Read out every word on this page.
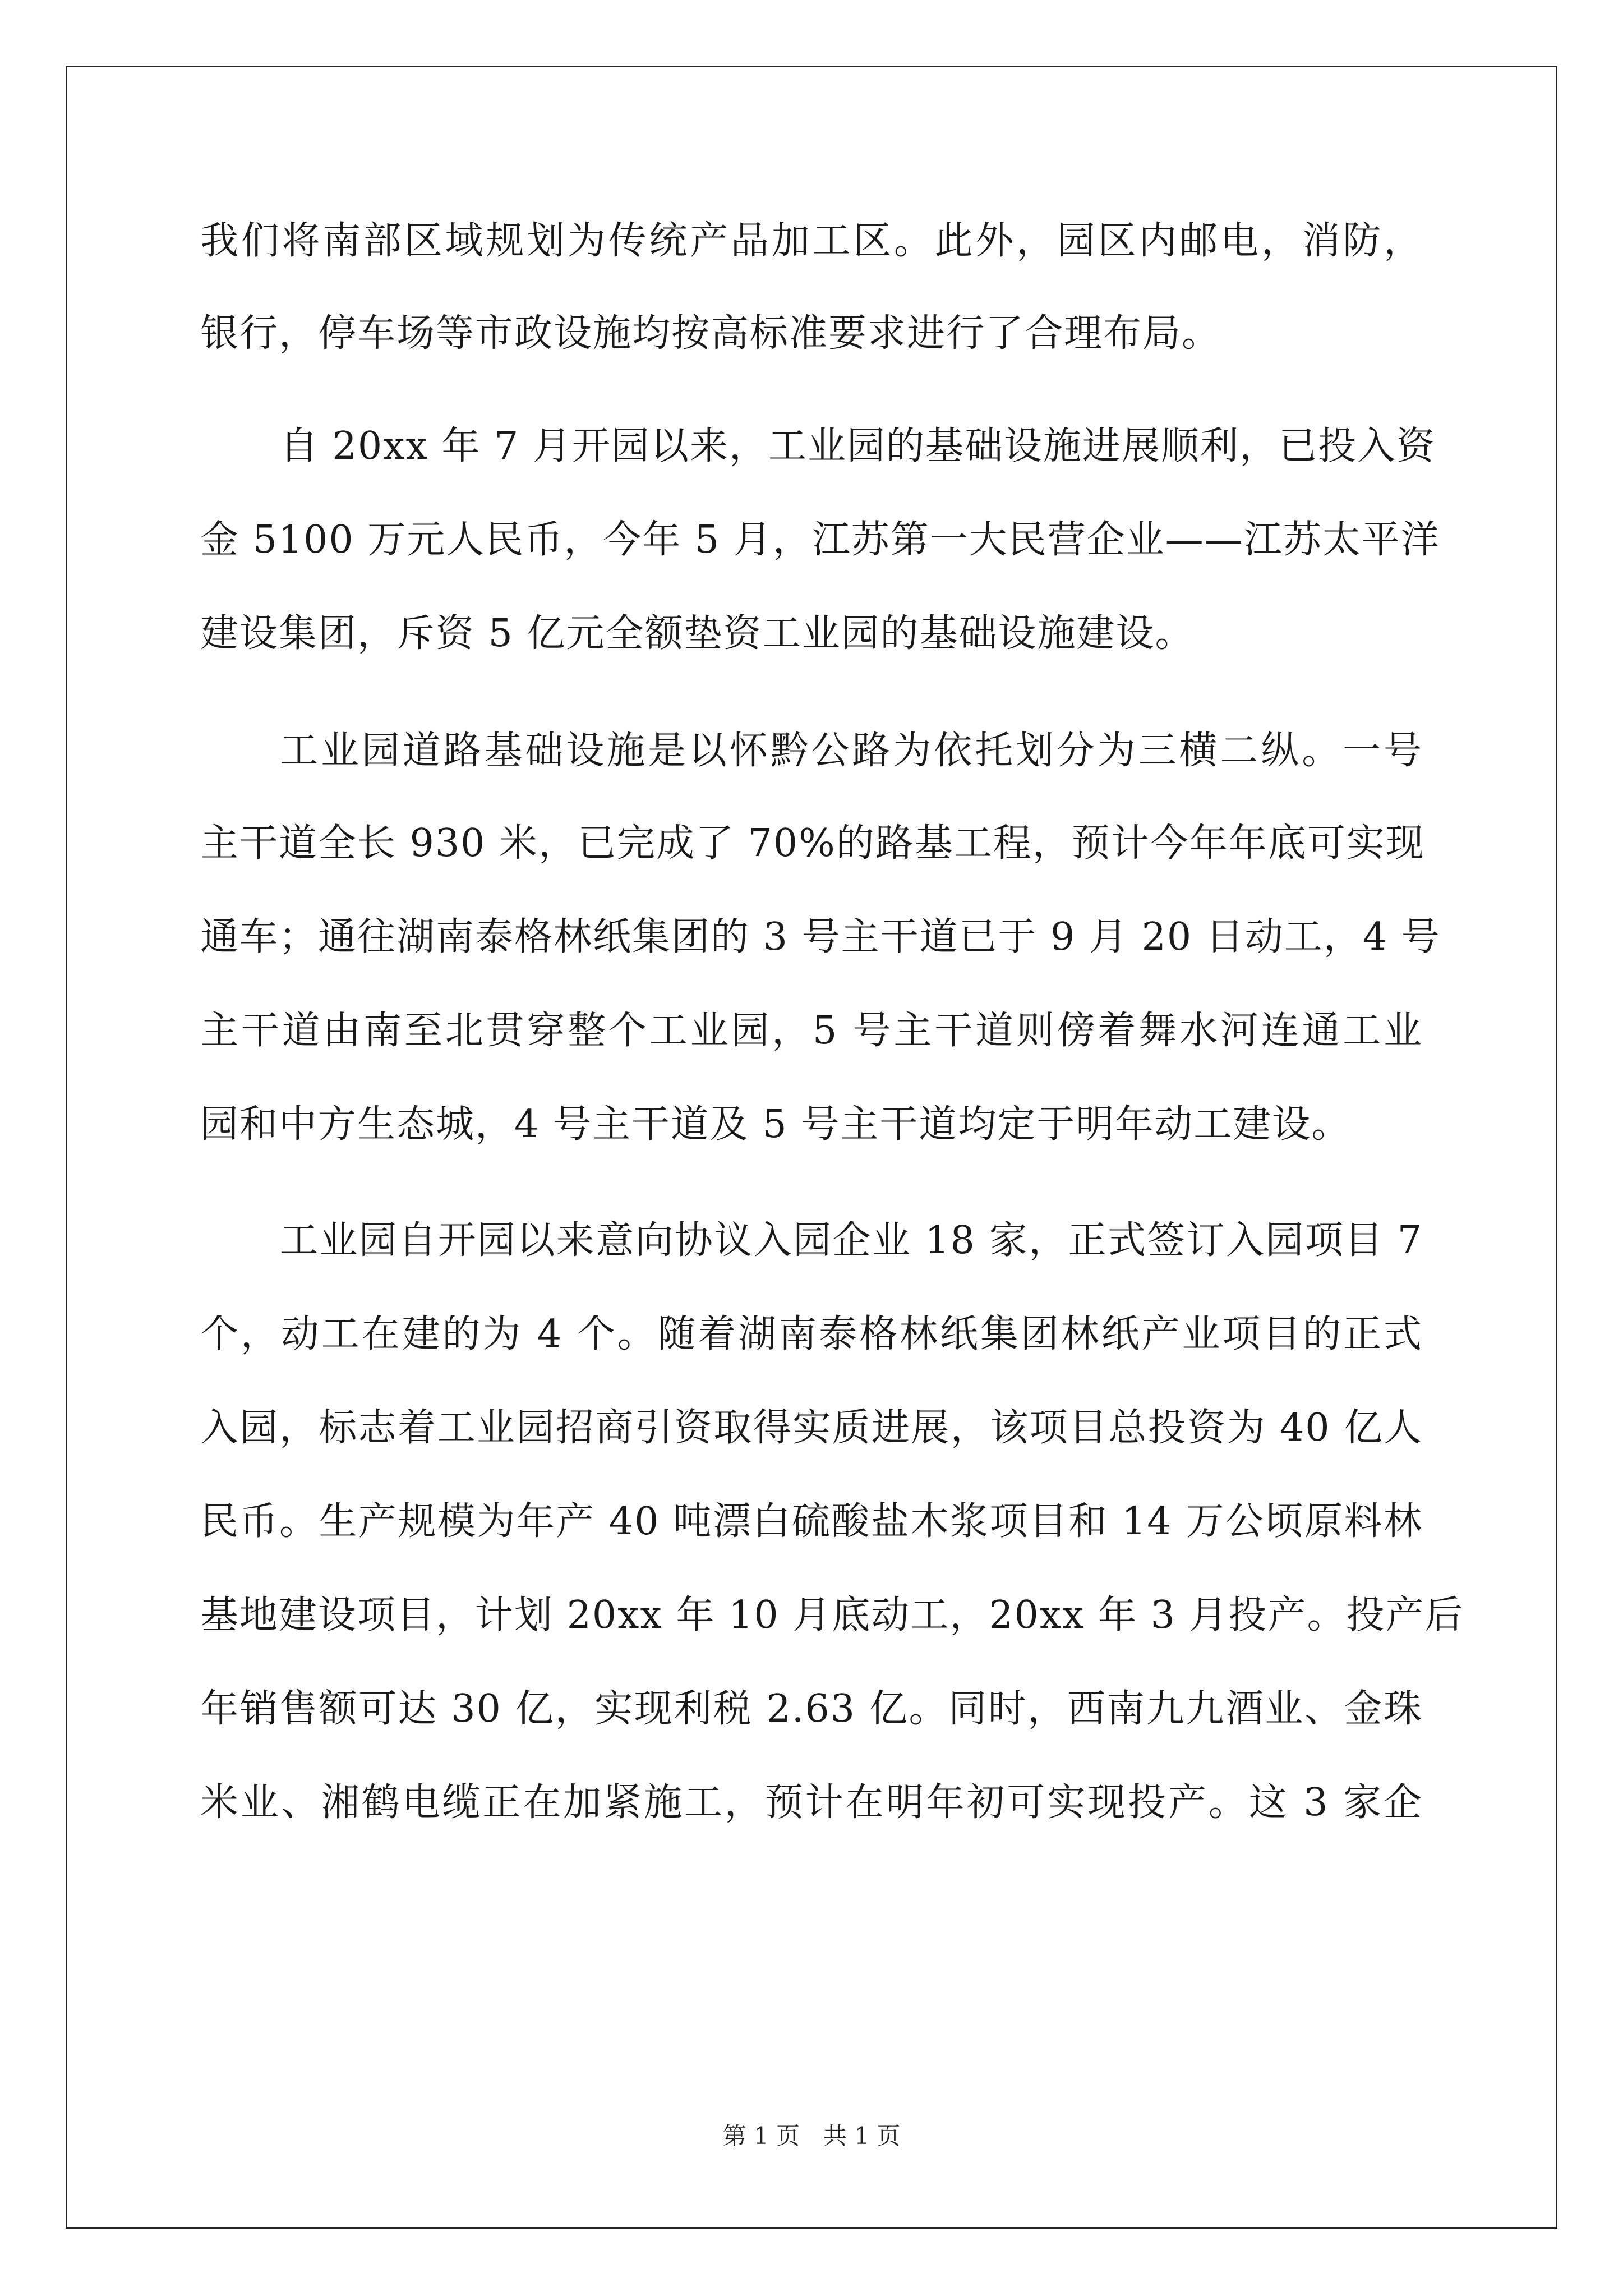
我们将南部区域规划为传统产品加工区。此外，园区内邮电，消防，
银行，停车场等市政设施均按高标准要求进行了合理布局。
自 20xx 年 7 月开园以来，工业园的基础设施进展顺利，已投入资
金 5100 万元人民币，今年 5 月，江苏第一大民营企业——江苏太平洋
建设集团，斥资 5 亿元全额垫资工业园的基础设施建设。
工业园道路基础设施是以怀黔公路为依托划分为三横二纵。一号
主干道全长 930 米，已完成了 70%的路基工程，预计今年年底可实现
通车；通往湖南泰格林纸集团的 3 号主干道已于 9 月 20 日动工，4 号
主干道由南至北贯穿整个工业园，5 号主干道则傍着舞水河连通工业
园和中方生态城，4 号主干道及 5 号主干道均定于明年动工建设。
工业园自开园以来意向协议入园企业 18 家，正式签订入园项目 7
个，动工在建的为 4 个。随着湖南泰格林纸集团林纸产业项目的正式
入园，标志着工业园招商引资取得实质进展，该项目总投资为 40 亿人
民币。生产规模为年产 40 吨漂白硫酸盐木浆项目和 14 万公顷原料林
基地建设项目，计划 20xx 年 10 月底动工，20xx 年 3 月投产。投产后
年销售额可达 30 亿，实现利税 2.63 亿。同时，西南九九酒业、金珠
米业、湘鹤电缆正在加紧施工，预计在明年初可实现投产。这 3 家企
第 1 页　共 1 页
